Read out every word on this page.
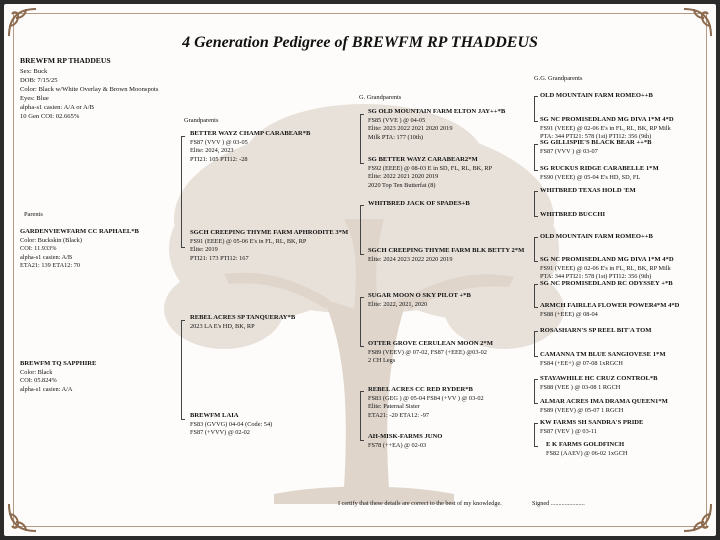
4 Generation Pedigree of BREWFM RP THADDEUS
BREWFM RP THADDEUS
Sex: Buck
DOB: 7/15/25
Color: Black w/White Overlay & Brown Moonspots
Eyes: Blue
alpha-s1 casien: A/A or A/B
10 Gen COI: 02.665%
Parents
Grandparents
G. Grandparents
G.G. Grandparents
GARDENVIEWFARM CC RAPHAEL*B
Color: Buckskin (Black)
COI: 11.933%
alpha-s1 casien: A/B
ETA21: 139 ETA12: 70
BREWFM TQ SAPPHIRE
Color: Black
COI: 05.824%
alpha-s1 casien: A/A
BETTER WAYZ CHAMP CARABEAR*B
FS87 (VVV ) @ 03-05
Elite: 2024, 2023
PTI21: 105 PTI12: -28
SGCH CREEPING THYME FARM APHRODITE 3*M
FS91 (EEEE) @ 05-06 E's in FL, RL, BK, RP
Elite: 2019
PTI21: 173 PTI12: 167
REBEL ACRES SP TANQUERAY*B
2023 LA E's HD, BK, RP
BREWFM LAIA
FS83 (GVVG) 04-04 (Code: 54)
FS87 (+VVV) @ 02-02
SG OLD MOUNTAIN FARM ELTON JAY++*B
FS85 (VVE ) @ 04-05
Elite: 2023 2022 2021 2020 2019
Milk PTA: 177 (10th)
SG BETTER WAYZ CARABEAR2*M
FS92 (EEEE) @ 08-03 E in SD, FL, RL, BK, RP
Elite: 2022 2021 2020 2019
2020 Top Ten Butterfat (8)
WHITBRED JACK OF SPADES+B
SGCH CREEPING THYME FARM BLK BETTY 2*M
Elite: 2024 2023 2022 2020 2019
SUGAR MOON O SKY PILOT +*B
Elite: 2022, 2021, 2020
OTTER GROVE CERULEAN MOON 2*M
FS89 (VEEV) @ 07-02, FS87 (+EEE) @03-02
2 CH Legs
REBEL ACRES CC RED RYDER*B
FS83 (GEG ) @ 05-04 FS84 (+VV ) @ 03-02
Elite: Paternal Sister
ETA21: -20 ETA12: -97
AH-MISK-FARMS JUNO
FS78 (++EA) @ 02-03
OLD MOUNTAIN FARM ROMEO++B
SG NC PROMISEDLAND MG DIVA 1*M 4*D
FS91 (VEEE) @ 02-06 E's in FL, RL, BK, RP Milk
PTA: 344 PTI21: 578 (1st) PTI12: 356 (9th)
SG GILLISPIE'S BLACK BEAR ++*B
FS87 (VVV ) @ 03-07
SG RUCKUS RIDGE CARABELLE 1*M
FS90 (VEEE) @ 05-04 E's HD, SD, FL
WHITBRED TEXAS HOLD 'EM
WHITBRED BUCCHI
OLD MOUNTAIN FARM ROMEO++B
SG NC PROMISEDLAND MG DIVA 1*M 4*D
FS91 (VEEE) @ 02-06 E's in FL, RL, BK, RP Milk
PTA: 344 PTI21: 578 (1st) PTI12: 356 (9th)
SG NC PROMISEDLAND RC ODYSSEY +*B
ARMCH FAIRLEA FLOWER POWER4*M 4*D
FS88 (+EEE) @ 08-04
ROSASHARN'S SP REEL BIT'A TOM
CAMANNA TM BLUE SANGIOVESE 1*M
FS84 (+EE+) @ 07-08 1xRGCH
STAYAWHILE HC CRUZ CONTROL*B
FS88 (VEE ) @ 03-08 1 RGCH
ALMAR ACRES IMA DRAMA QUEEN1*M
FS89 (VEEV) @ 05-07 1 RGCH
KW FARMS SH SANDRA'S PRIDE
FS87 (VEV ) @ 03-11
E K FARMS GOLDFINCH
FS82 (AAEV) @ 06-02 1xGCH
I certify that these details are correct to the best of my knowledge.	Signed ......................
